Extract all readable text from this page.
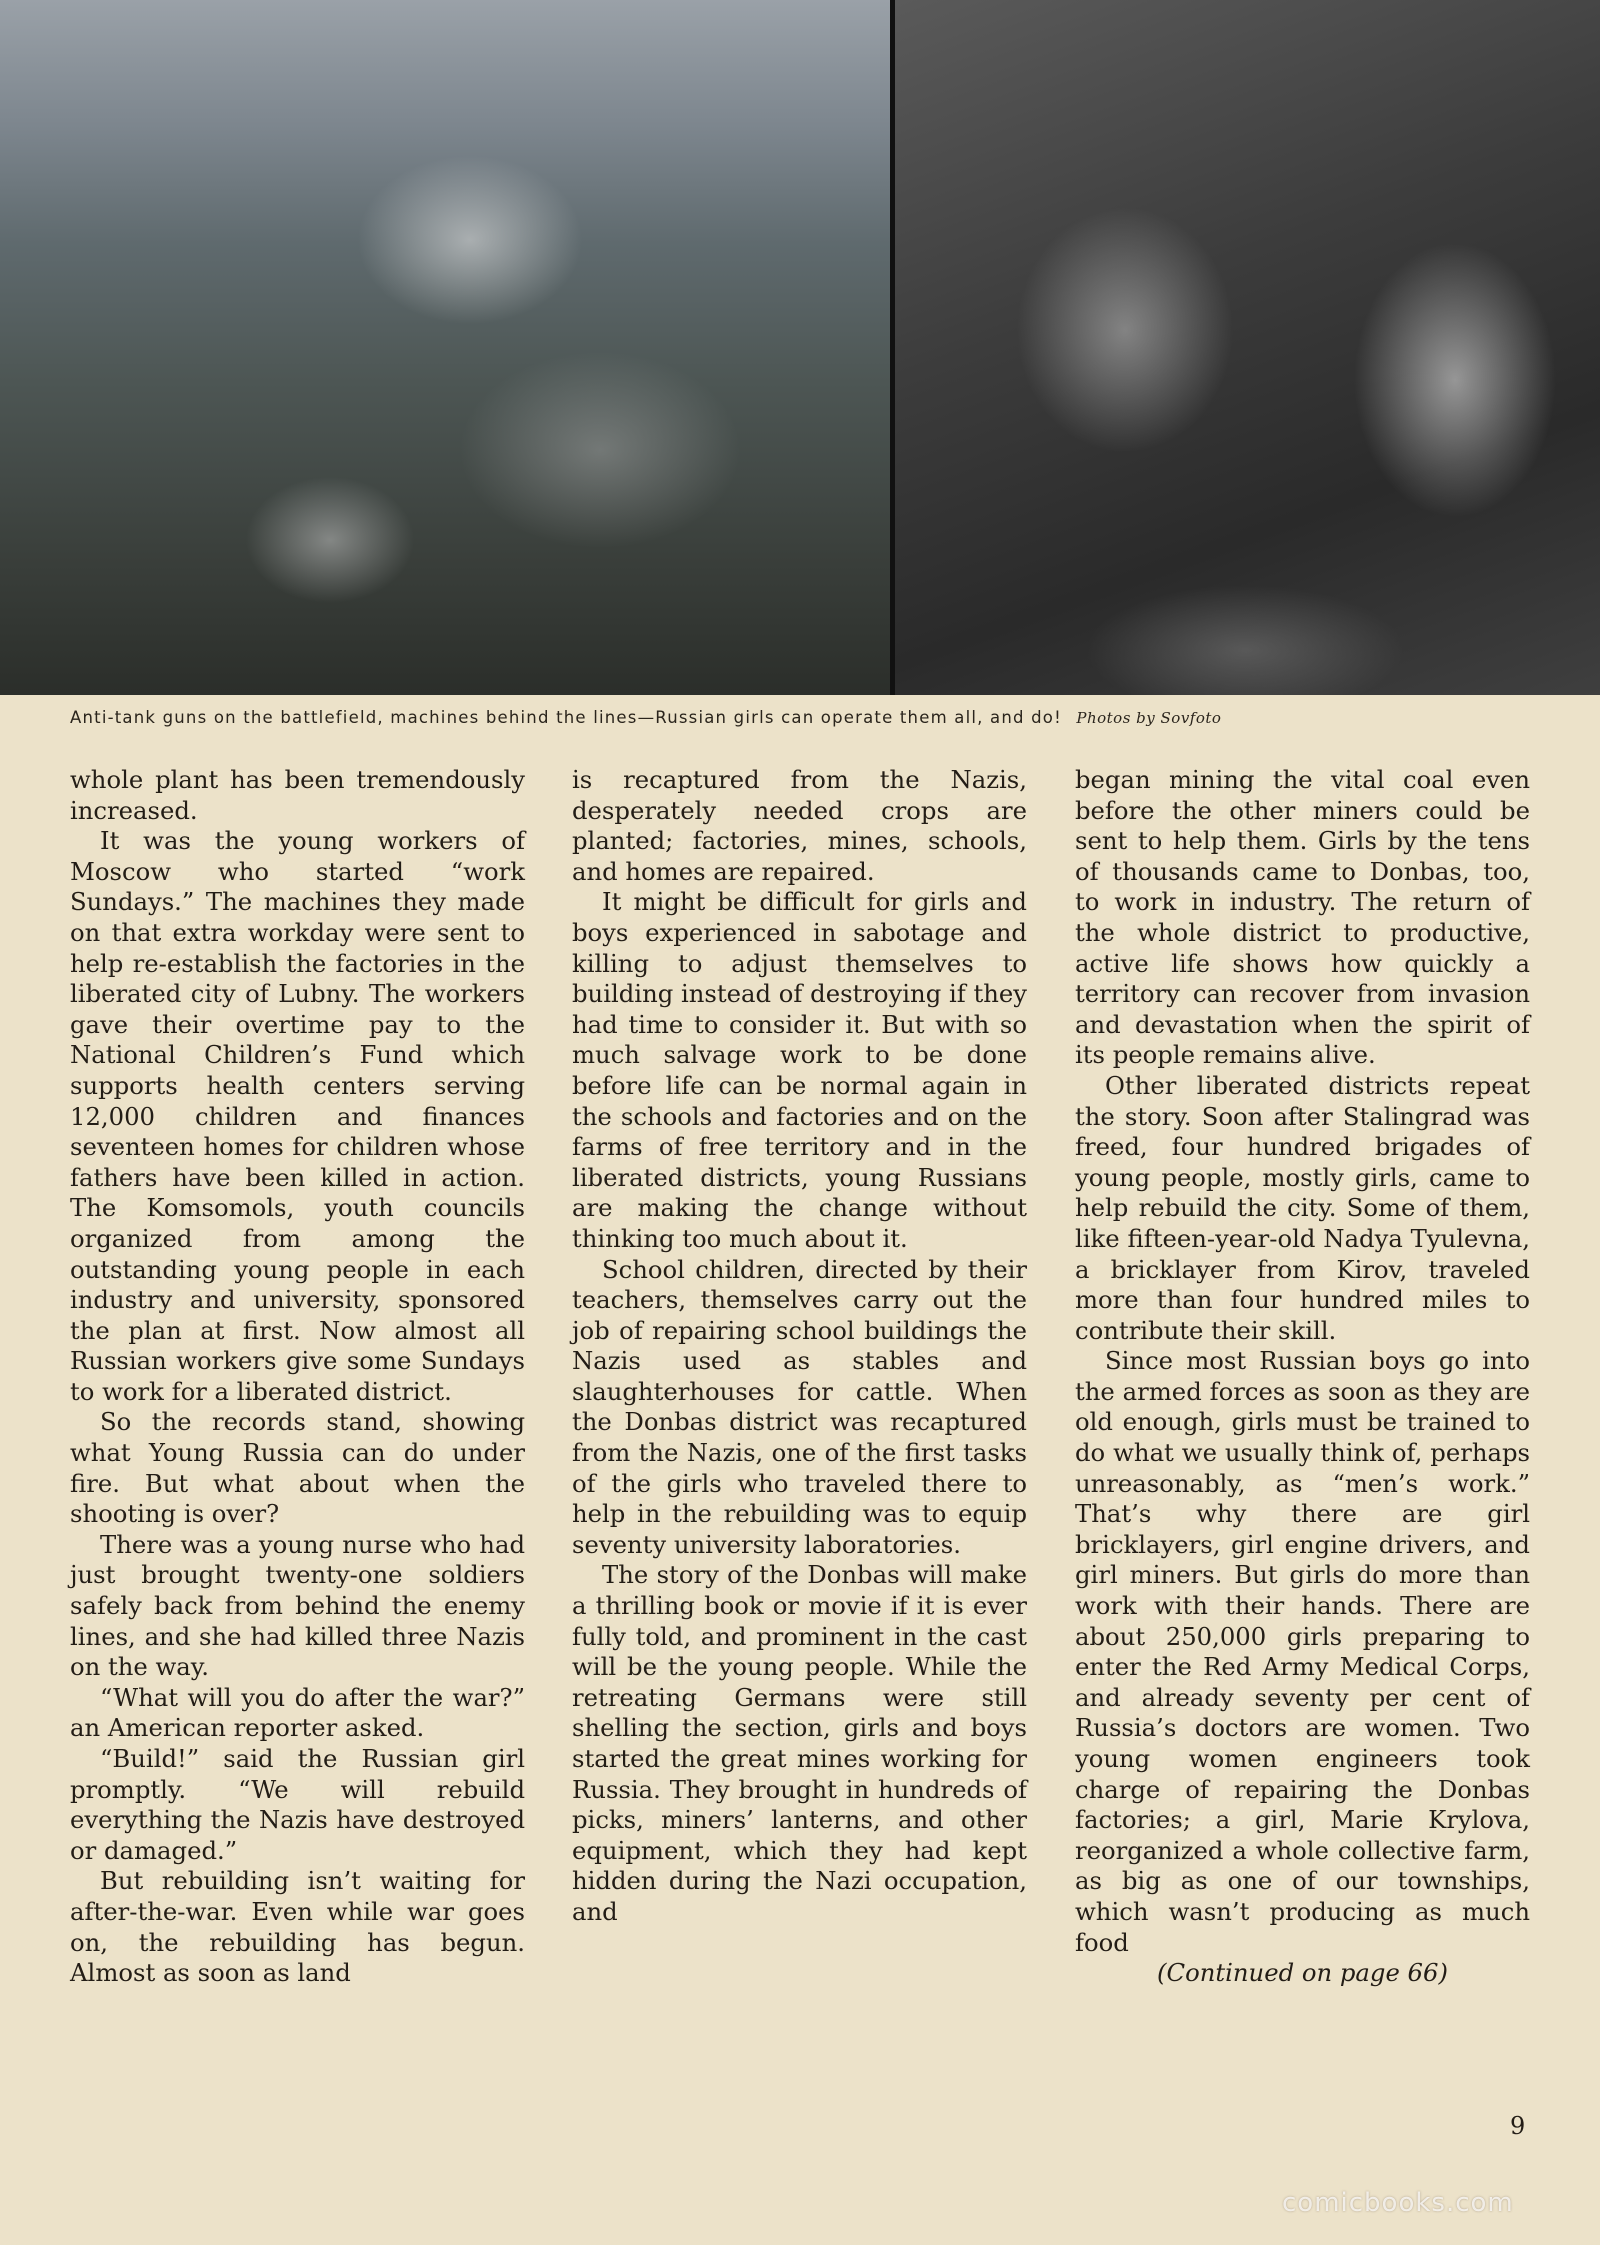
Anti-tank guns on the battlefield, machines behind the lines—Russian girls can operate them all, and do! Photos by Sovfoto

whole plant has been tremendously increased.

It was the young workers of Moscow who started “work Sundays.” The machines they made on that extra workday were sent to help re-establish the factories in the liberated city of Lubny. The workers gave their overtime pay to the National Children’s Fund which supports health centers serving 12,000 children and finances seventeen homes for children whose fathers have been killed in action. The Komsomols, youth councils organized from among the outstanding young people in each industry and university, sponsored the plan at first. Now almost all Russian workers give some Sundays to work for a liberated district.

So the records stand, showing what Young Russia can do under fire. But what about when the shooting is over?

There was a young nurse who had just brought twenty-one soldiers safely back from behind the enemy lines, and she had killed three Nazis on the way.

“What will you do after the war?” an American reporter asked.

“Build!” said the Russian girl promptly. “We will rebuild everything the Nazis have destroyed or damaged.”

But rebuilding isn’t waiting for after-the-war. Even while war goes on, the rebuilding has begun. Almost as soon as land

is recaptured from the Nazis, desperately needed crops are planted; factories, mines, schools, and homes are repaired.

It might be difficult for girls and boys experienced in sabotage and killing to adjust themselves to building instead of destroying if they had time to consider it. But with so much salvage work to be done before life can be normal again in the schools and factories and on the farms of free territory and in the liberated districts, young Russians are making the change without thinking too much about it.

School children, directed by their teachers, themselves carry out the job of repairing school buildings the Nazis used as stables and slaughterhouses for cattle. When the Donbas district was recaptured from the Nazis, one of the first tasks of the girls who traveled there to help in the rebuilding was to equip seventy university laboratories.

The story of the Donbas will make a thrilling book or movie if it is ever fully told, and prominent in the cast will be the young people. While the retreating Germans were still shelling the section, girls and boys started the great mines working for Russia. They brought in hundreds of picks, miners’ lanterns, and other equipment, which they had kept hidden during the Nazi occupation, and

began mining the vital coal even before the other miners could be sent to help them. Girls by the tens of thousands came to Donbas, too, to work in industry. The return of the whole district to productive, active life shows how quickly a territory can recover from invasion and devastation when the spirit of its people remains alive.

Other liberated districts repeat the story. Soon after Stalingrad was freed, four hundred brigades of young people, mostly girls, came to help rebuild the city. Some of them, like fifteen-year-old Nadya Tyulevna, a bricklayer from Kirov, traveled more than four hundred miles to contribute their skill.

Since most Russian boys go into the armed forces as soon as they are old enough, girls must be trained to do what we usually think of, perhaps unreasonably, as “men’s work.” That’s why there are girl bricklayers, girl engine drivers, and girl miners. But girls do more than work with their hands. There are about 250,000 girls preparing to enter the Red Army Medical Corps, and already seventy per cent of Russia’s doctors are women. Two young women engineers took charge of repairing the Donbas factories; a girl, Marie Krylova, reorganized a whole collective farm, as big as one of our townships, which wasn’t producing as much food

(Continued on page 66)

9
comicbooks.com
